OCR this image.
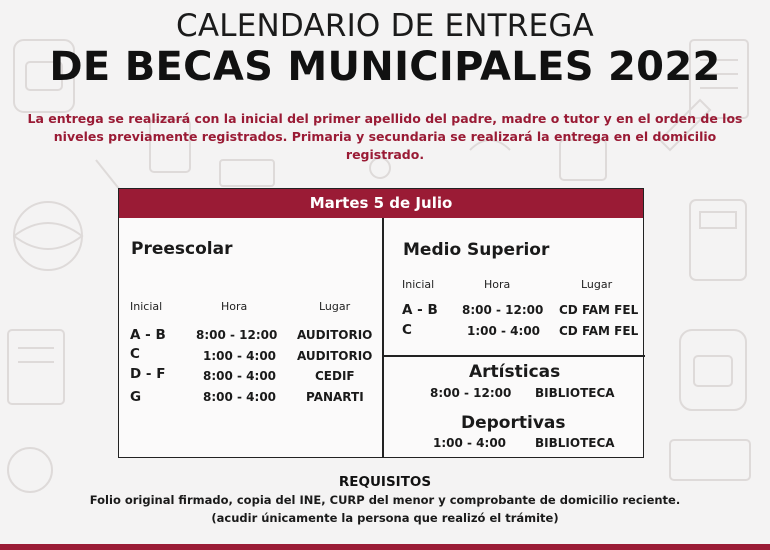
CALENDARIO DE ENTREGA
DE BECAS MUNICIPALES 2022
La entrega se realizará con la inicial del primer apellido del padre, madre o tutor y en el orden de los
niveles previamente registrados. Primaria y secundaria se realizará la entrega en el domicilio registrado.
Martes 5 de Julio
Preescolar
Inicial	Hora	Lugar
A - B	8:00 - 12:00 AUDITORIO
C	1:00 - 4:00 AUDITORIO
D - F	8:00 - 4:00	CEDIF
G	8:00 - 4:00 PANARTI
Medio Superior
Inicial	Hora	Lugar
A - B 8:00 - 12:00 CD FAM FEL
C	1:00 - 4:00 CD FAM FEL
Artísticas
8:00 - 12:00 BIBLIOTECA
Deportivas
1:00 - 4:00 BIBLIOTECA
REQUISITOS
Folio original firmado, copia del INE, CURP del menor y comprobante de domicilio reciente.
(acudir únicamente la persona que realizó el trámite)
